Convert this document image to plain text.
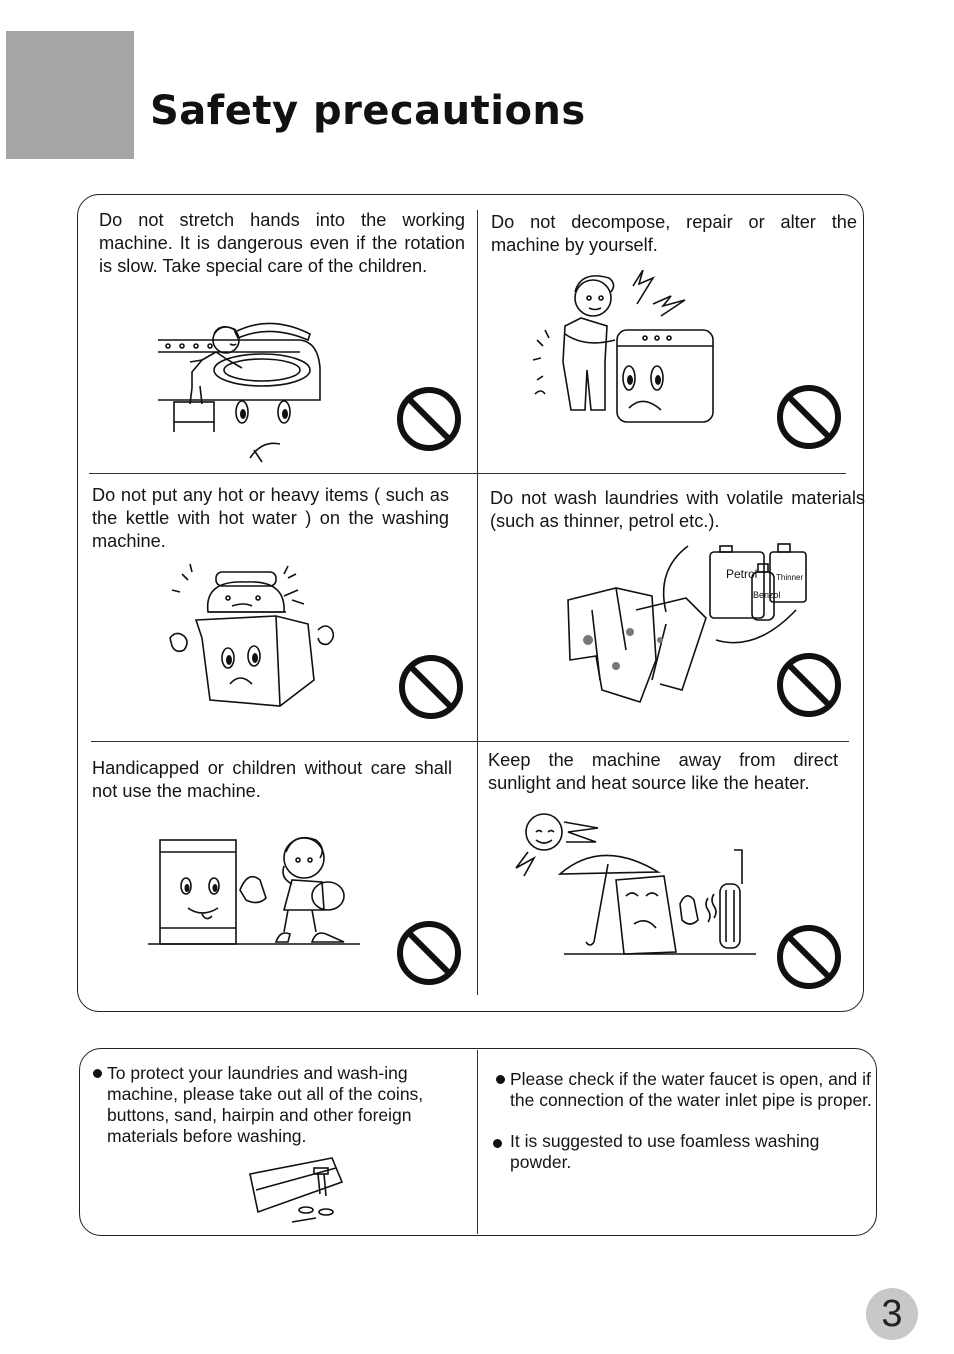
Safety precautions
Do not stretch hands into the working machine. It is dangerous even if the rotation is slow. Take special care of the children.
Do not decompose, repair or alter the machine by yourself.
Do not put any hot or heavy items ( such as the kettle with hot water ) on the washing machine.
Do not wash laundries with volatile materials (such as thinner, petrol etc.).
Handicapped or children without care shall not use the machine.
Keep the machine away from direct sunlight and heat source like the heater.
Petrol Thinner
Benzol
To protect your laundries and wash-ing machine, please take out all of the coins, buttons, sand, hairpin and other foreign materials before washing.
Please check if the water faucet is open, and if the connection of the water inlet pipe is proper.
It is suggested to use foamless washing powder.
3
